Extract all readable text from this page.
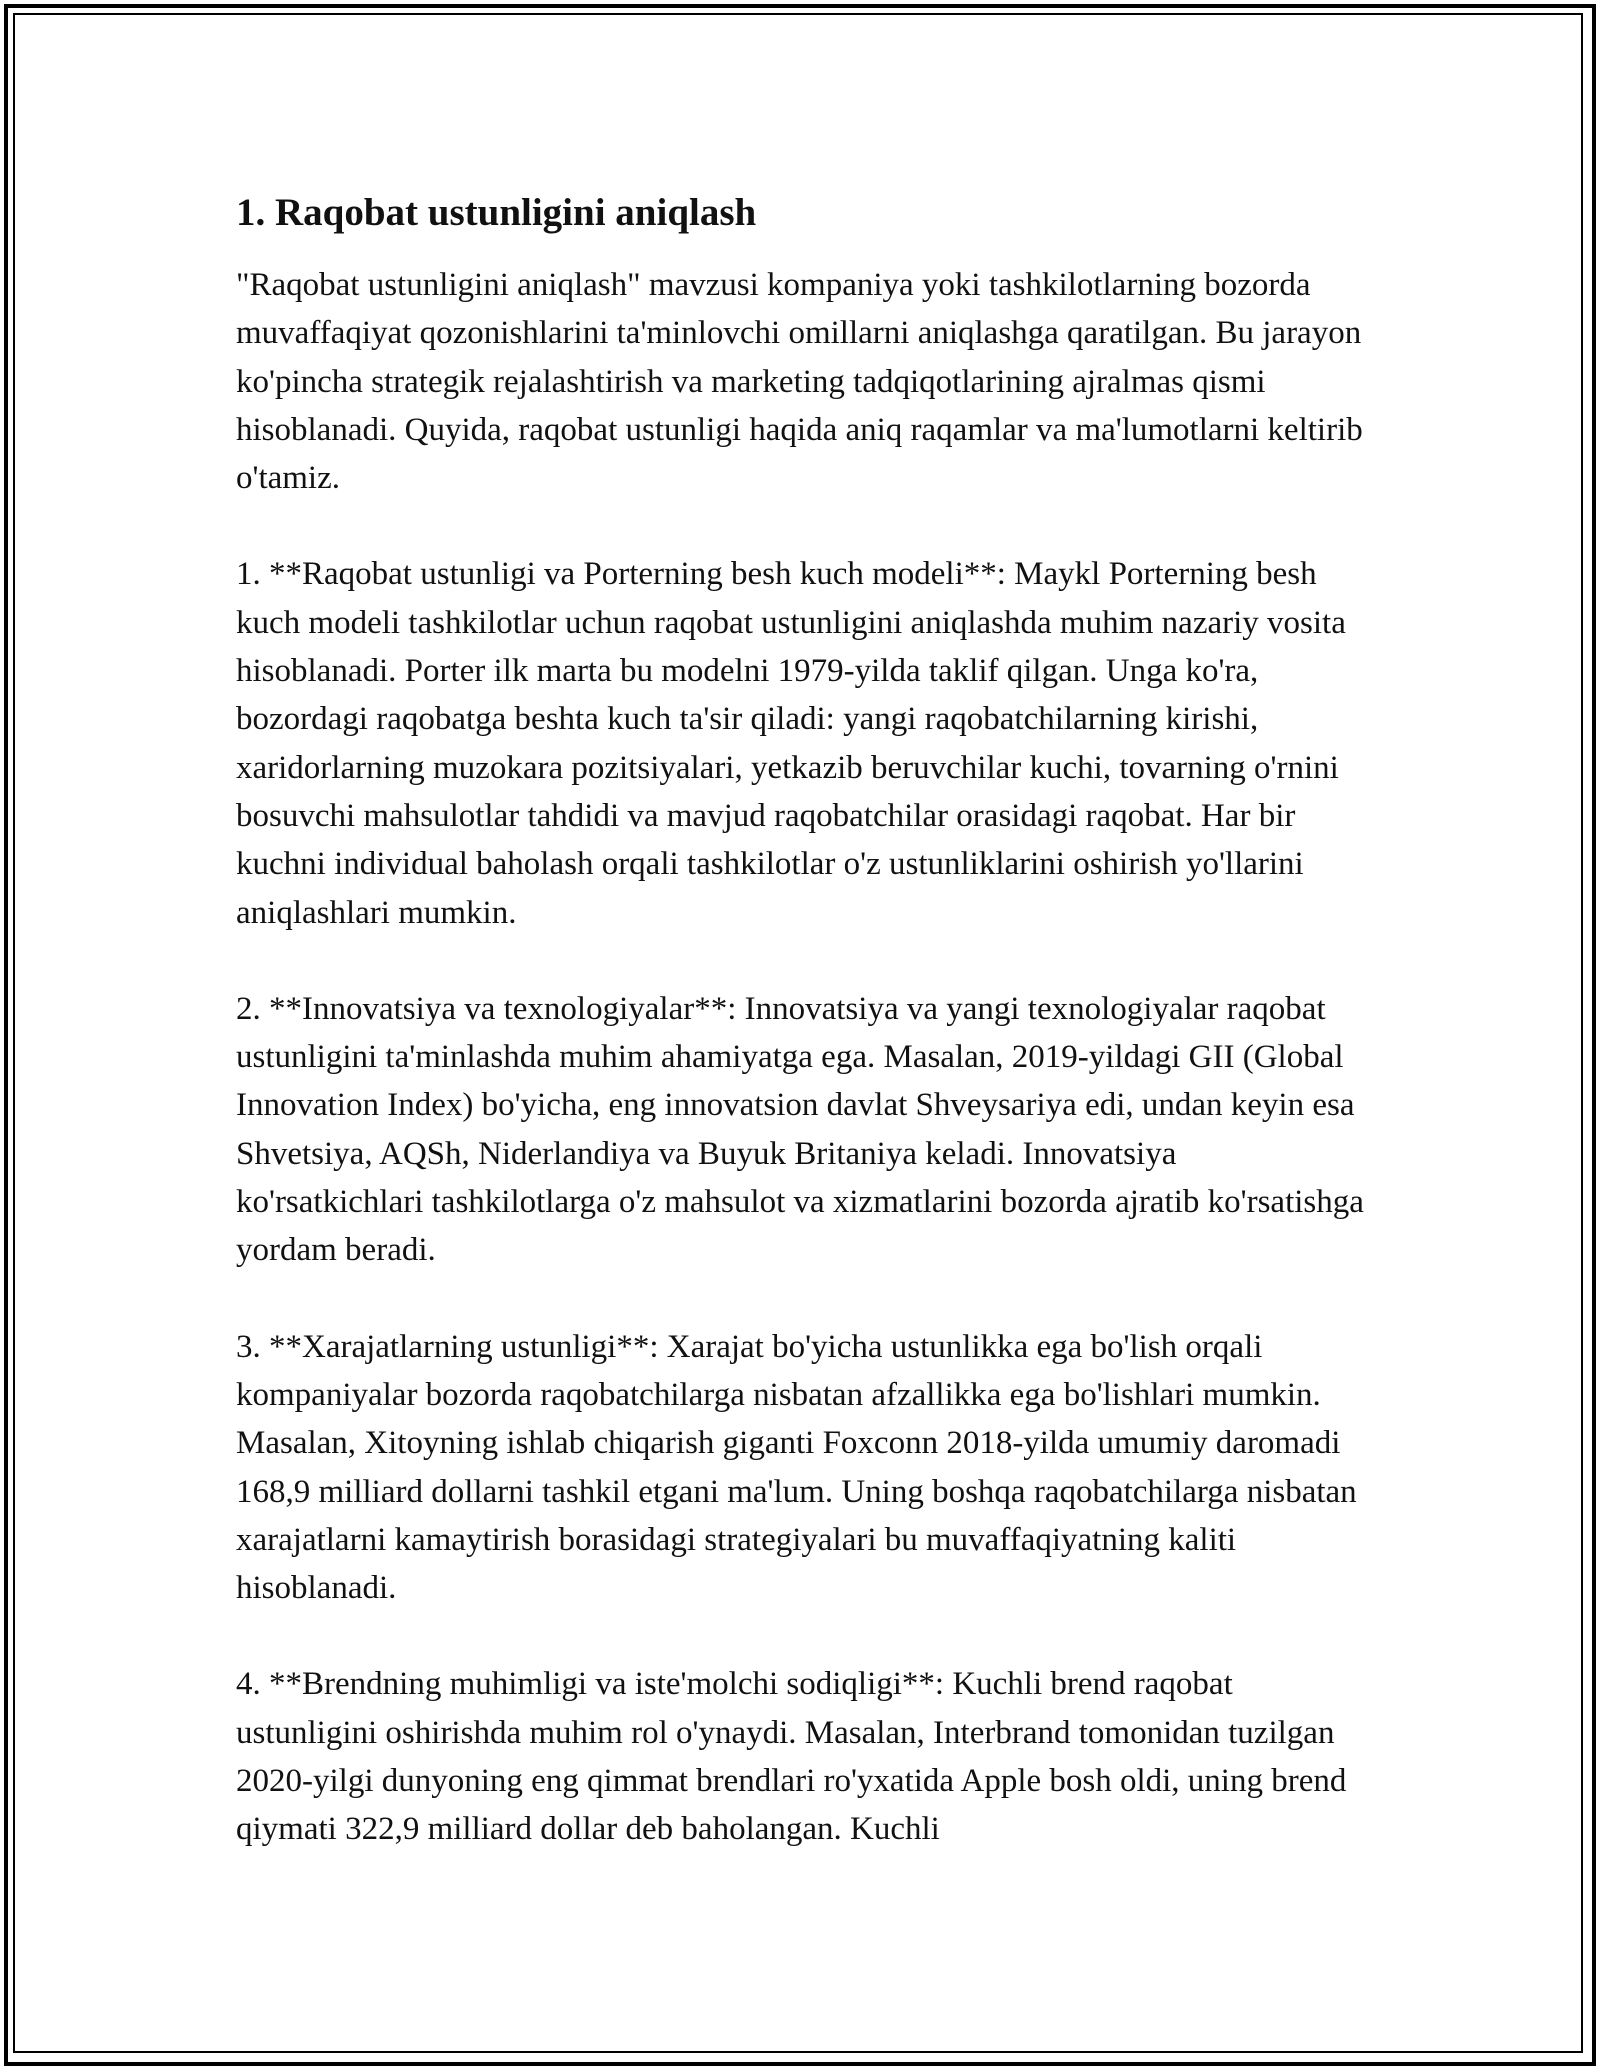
1. Raqobat ustunligini aniqlash

"Raqobat ustunligini aniqlash" mavzusi kompaniya yoki tashkilotlarning bozorda muvaffaqiyat qozonishlarini ta'minlovchi omillarni aniqlashga qaratilgan. Bu jarayon ko'pincha strategik rejalashtirish va marketing tadqiqotlarining ajralmas qismi hisoblanadi. Quyida, raqobat ustunligi haqida aniq raqamlar va ma'lumotlarni keltirib o'tamiz.

1. **Raqobat ustunligi va Porterning besh kuch modeli**: Maykl Porterning besh kuch modeli tashkilotlar uchun raqobat ustunligini aniqlashda muhim nazariy vosita hisoblanadi. Porter ilk marta bu modelni 1979-yilda taklif qilgan. Unga ko'ra, bozordagi raqobatga beshta kuch ta'sir qiladi: yangi raqobatchilarning kirishi, xaridorlarning muzokara pozitsiyalari, yetkazib beruvchilar kuchi, tovarning o'rnini bosuvchi mahsulotlar tahdidi va mavjud raqobatchilar orasidagi raqobat. Har bir kuchni individual baholash orqali tashkilotlar o'z ustunliklarini oshirish yo'llarini aniqlashlari mumkin.

2. **Innovatsiya va texnologiyalar**: Innovatsiya va yangi texnologiyalar raqobat ustunligini ta'minlashda muhim ahamiyatga ega. Masalan, 2019-yildagi GII (Global Innovation Index) bo'yicha, eng innovatsion davlat Shveysariya edi, undan keyin esa Shvetsiya, AQSh, Niderlandiya va Buyuk Britaniya keladi. Innovatsiya ko'rsatkichlari tashkilotlarga o'z mahsulot va xizmatlarini bozorda ajratib ko'rsatishga yordam beradi.

3. **Xarajatlarning ustunligi**: Xarajat bo'yicha ustunlikka ega bo'lish orqali kompaniyalar bozorda raqobatchilarga nisbatan afzallikka ega bo'lishlari mumkin. Masalan, Xitoyning ishlab chiqarish giganti Foxconn 2018-yilda umumiy daromadi 168,9 milliard dollarni tashkil etgani ma'lum. Uning boshqa raqobatchilarga nisbatan xarajatlarni kamaytirish borasidagi strategiyalari bu muvaffaqiyatning kaliti hisoblanadi.

4. **Brendning muhimligi va iste'molchi sodiqligi**: Kuchli brend raqobat ustunligini oshirishda muhim rol o'ynaydi. Masalan, Interbrand tomonidan tuzilgan 2020-yilgi dunyoning eng qimmat brendlari ro'yxatida Apple bosh oldi, uning brend qiymati 322,9 milliard dollar deb baholangan. Kuchli
